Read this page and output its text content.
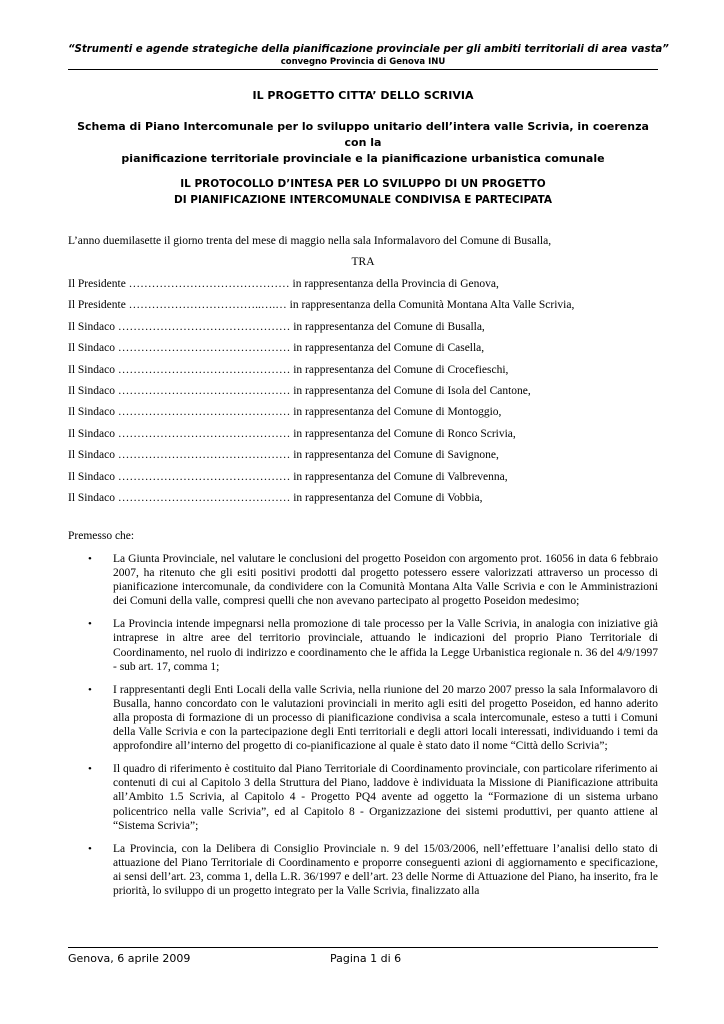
“Strumenti e agende strategiche della pianificazione provinciale per gli ambiti territoriali di area vasta”
convegno Provincia di Genova INU
IL PROGETTO CITTA’ DELLO SCRIVIA
Schema di Piano Intercomunale per lo sviluppo unitario dell’intera valle Scrivia, in coerenza con la
pianificazione territoriale provinciale e la pianificazione urbanistica comunale
IL PROTOCOLLO D’INTESA PER LO SVILUPPO DI UN PROGETTO
DI PIANIFICAZIONE INTERCOMUNALE CONDIVISA E PARTECIPATA
L’anno duemilasette il giorno trenta del mese di maggio nella sala Informalavoro del Comune di Busalla,
TRA
Il Presidente …………………………………… in rappresentanza della Provincia di Genova,
Il Presidente ……………………………..….… in rappresentanza della Comunità Montana Alta Valle Scrivia,
Il Sindaco ……………………………………… in rappresentanza del Comune di Busalla,
Il Sindaco ……………………………………… in rappresentanza del Comune di Casella,
Il Sindaco ……………………………………… in rappresentanza del Comune di Crocefieschi,
Il Sindaco ……………………………………… in rappresentanza del Comune di Isola del Cantone,
Il Sindaco ……………………………………… in rappresentanza del Comune di Montoggio,
Il Sindaco ……………………………………… in rappresentanza del Comune di Ronco Scrivia,
Il Sindaco ……………………………………… in rappresentanza del Comune di Savignone,
Il Sindaco ……………………………………… in rappresentanza del Comune di Valbrevenna,
Il Sindaco ……………………………………… in rappresentanza del Comune di Vobbia,
Premesso che:
• La Giunta Provinciale, nel valutare le conclusioni del progetto Poseidon con argomento prot. 16056 in data 6 febbraio 2007, ha ritenuto che gli esiti positivi prodotti dal progetto potessero essere valorizzati attraverso un processo di pianificazione intercomunale, da condividere con la Comunità Montana Alta Valle Scrivia e con le Amministrazioni dei Comuni della valle, compresi quelli che non avevano partecipato al progetto Poseidon medesimo;
• La Provincia intende impegnarsi nella promozione di tale processo per la Valle Scrivia, in analogia con iniziative già intraprese in altre aree del territorio provinciale, attuando le indicazioni del proprio Piano Territoriale di Coordinamento, nel ruolo di indirizzo e coordinamento che le affida la Legge Urbanistica regionale n. 36 del 4/9/1997 - sub art. 17, comma 1;
• I rappresentanti degli Enti Locali della valle Scrivia, nella riunione del 20 marzo 2007 presso la sala Informalavoro di Busalla, hanno concordato con le valutazioni provinciali in merito agli esiti del progetto Poseidon, ed hanno aderito alla proposta di formazione di un processo di pianificazione condivisa a scala intercomunale, esteso a tutti i Comuni della Valle Scrivia e con la partecipazione degli Enti territoriali e degli attori locali interessati, individuando i temi da approfondire all’interno del progetto di co-pianificazione al quale è stato dato il nome “Città dello Scrivia”;
• Il quadro di riferimento è costituito dal Piano Territoriale di Coordinamento provinciale, con particolare riferimento ai contenuti di cui al Capitolo 3 della Struttura del Piano, laddove è individuata la Missione di Pianificazione attribuita all’Ambito 1.5 Scrivia, al Capitolo 4 - Progetto PQ4 avente ad oggetto la “Formazione di un sistema urbano policentrico nella valle Scrivia”, ed al Capitolo 8 - Organizzazione dei sistemi produttivi, per quanto attiene al “Sistema Scrivia”;
• La Provincia, con la Delibera di Consiglio Provinciale n. 9 del 15/03/2006, nell’effettuare l’analisi dello stato di attuazione del Piano Territoriale di Coordinamento e proporre conseguenti azioni di aggiornamento e specificazione, ai sensi dell’art. 23, comma 1, della L.R. 36/1997 e dell’art. 23 delle Norme di Attuazione del Piano, ha inserito, fra le priorità, lo sviluppo di un progetto integrato per la Valle Scrivia, finalizzato alla
Genova, 6 aprile 2009	Pagina 1 di 6
